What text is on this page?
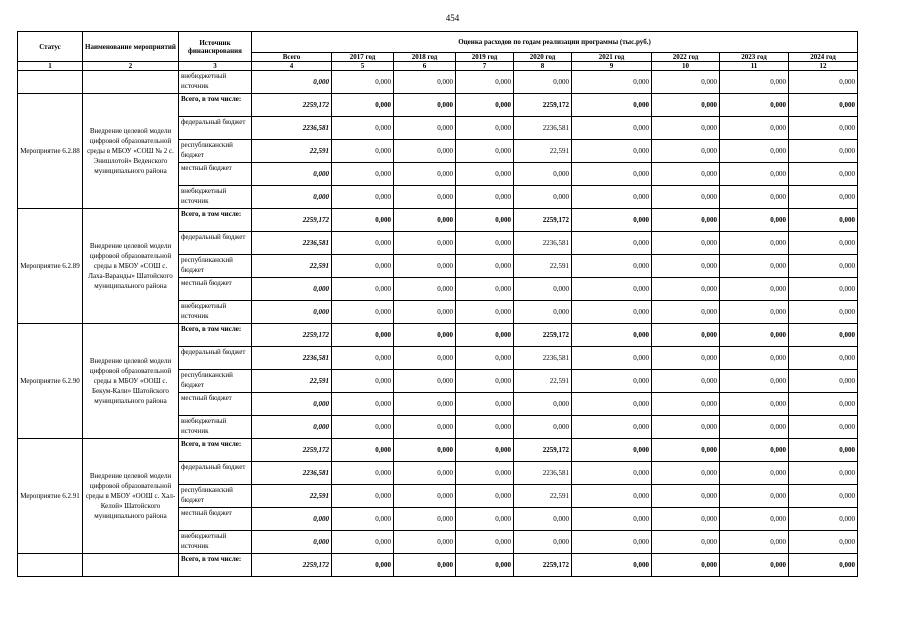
454
Статус	Наименование мероприятий	Источник финансирования	Оценка расходов по годам реализации программы (тыс.руб.)								
			Всего	2017 год	2018 год	2019 год	2020 год	2021 год	2022 год	2023 год	2024 год
1	2	3	4	5	6	7	8	9	10	11	12
		внебюджетный источник	0,000	0,000	0,000	0,000	0,000	0,000	0,000	0,000	0,000
Мероприятие 6.2.88	Внедрение целевой модели цифровой образовательной среды в МБОУ «СОШ № 2 с. Энишлотой» Веденского муниципального района	Всего, в том числе:	2259,172	0,000	0,000	0,000	2259,172	0,000	0,000	0,000	0,000
		федеральный бюджет	2236,581	0,000	0,000	0,000	2236,581	0,000	0,000	0,000	0,000
		республиканский бюджет	22,591	0,000	0,000	0,000	22,591	0,000	0,000	0,000	0,000
		местный бюджет	0,000	0,000	0,000	0,000	0,000	0,000	0,000	0,000	0,000
		внебюджетный источник	0,000	0,000	0,000	0,000	0,000	0,000	0,000	0,000	0,000
Мероприятие 6.2.89	Внедрение целевой модели цифровой образовательной среды в МБОУ «СОШ с. Лаха-Варанды» Шатойского муниципального района	Всего, в том числе:	2259,172	0,000	0,000	0,000	2259,172	0,000	0,000	0,000	0,000
		федеральный бюджет	2236,581	0,000	0,000	0,000	2236,581	0,000	0,000	0,000	0,000
		республиканский бюджет	22,591	0,000	0,000	0,000	22,591	0,000	0,000	0,000	0,000
		местный бюджет	0,000	0,000	0,000	0,000	0,000	0,000	0,000	0,000	0,000
		внебюджетный источник	0,000	0,000	0,000	0,000	0,000	0,000	0,000	0,000	0,000
Мероприятие 6.2.90	Внедрение целевой модели цифровой образовательной среды в МБОУ «ООШ с. Бекум-Кали» Шатойского муниципального района	Всего, в том числе:	2259,172	0,000	0,000	0,000	2259,172	0,000	0,000	0,000	0,000
		федеральный бюджет	2236,581	0,000	0,000	0,000	2236,581	0,000	0,000	0,000	0,000
		республиканский бюджет	22,591	0,000	0,000	0,000	22,591	0,000	0,000	0,000	0,000
		местный бюджет	0,000	0,000	0,000	0,000	0,000	0,000	0,000	0,000	0,000
		внебюджетный источник	0,000	0,000	0,000	0,000	0,000	0,000	0,000	0,000	0,000
Мероприятие 6.2.91	Внедрение целевой модели цифровой образовательной среды в МБОУ «ООШ с. Хал-Келой» Шатойского муниципального района	Всего, в том числе:	2259,172	0,000	0,000	0,000	2259,172	0,000	0,000	0,000	0,000
		федеральный бюджет	2236,581	0,000	0,000	0,000	2236,581	0,000	0,000	0,000	0,000
		республиканский бюджет	22,591	0,000	0,000	0,000	22,591	0,000	0,000	0,000	0,000
		местный бюджет	0,000	0,000	0,000	0,000	0,000	0,000	0,000	0,000	0,000
		внебюджетный источник	0,000	0,000	0,000	0,000	0,000	0,000	0,000	0,000	0,000
		Всего, в том числе:	2259,172	0,000	0,000	0,000	2259,172	0,000	0,000	0,000	0,000
